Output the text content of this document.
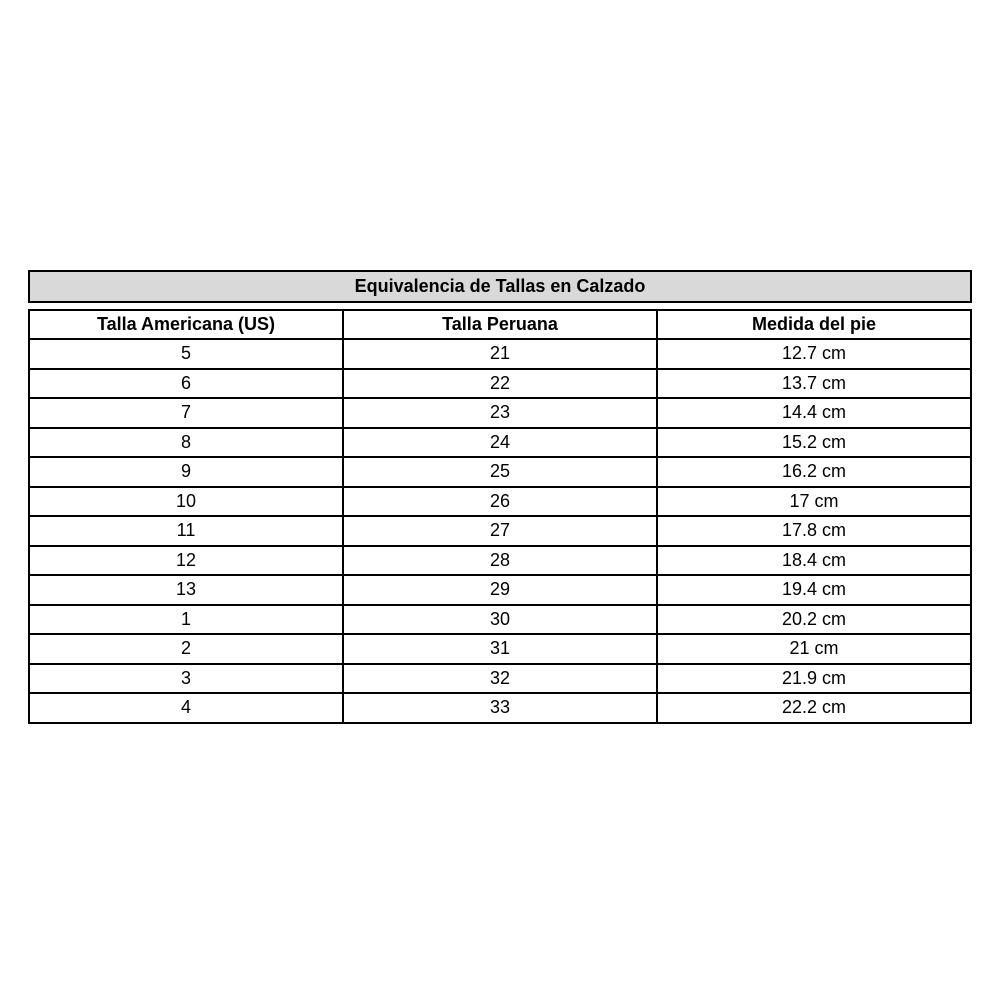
Equivalencia de Tallas en Calzado
Talla Americana (US)	Talla Peruana	Medida del pie
5	21	12.7 cm
6	22	13.7 cm
7	23	14.4 cm
8	24	15.2 cm
9	25	16.2 cm
10	26	17 cm
11	27	17.8 cm
12	28	18.4 cm
13	29	19.4 cm
1	30	20.2 cm
2	31	21 cm
3	32	21.9 cm
4	33	22.2 cm
